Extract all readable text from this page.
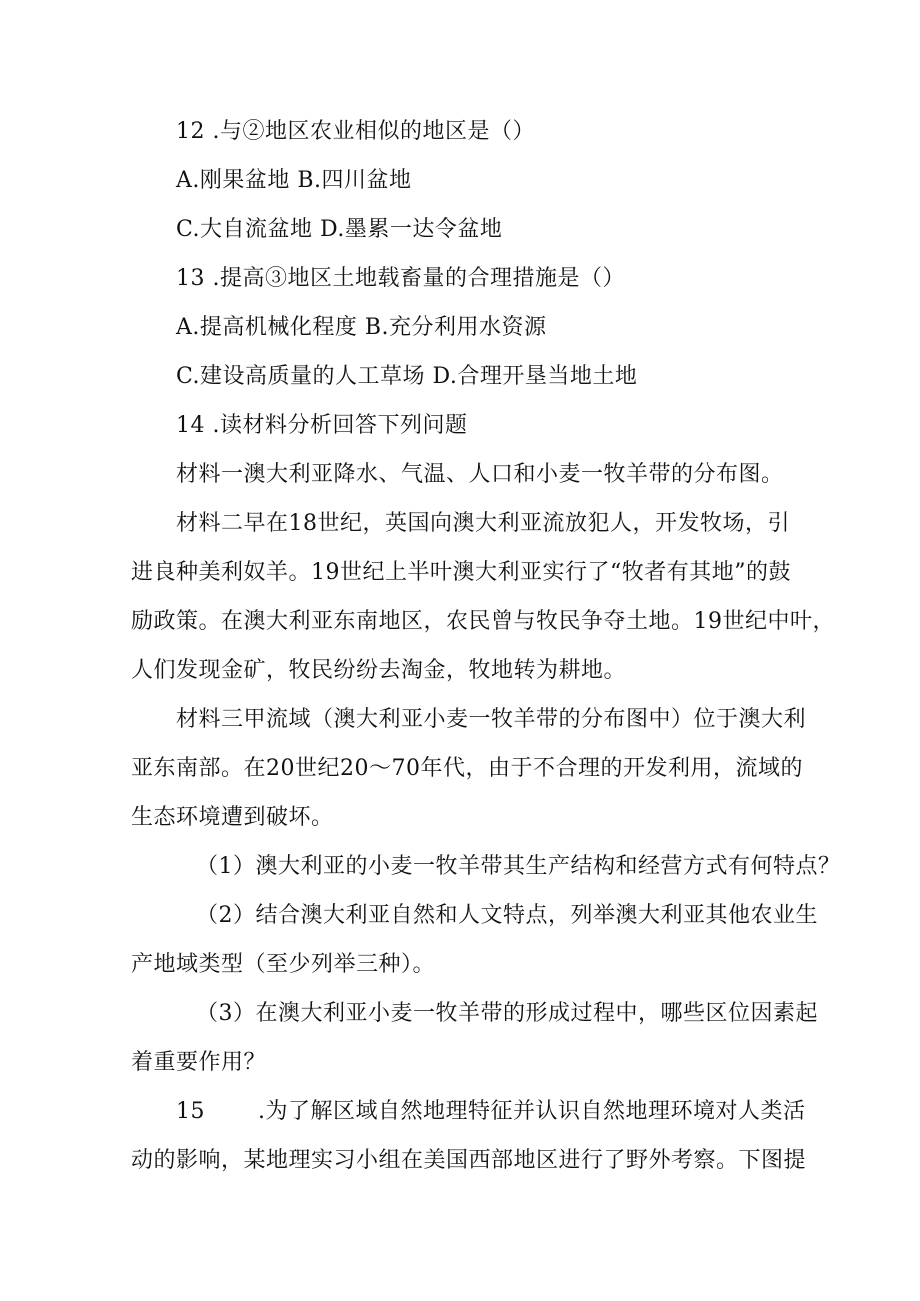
12 .与②地区农业相似的地区是（）
A.刚果盆地 B.四川盆地
C.大自流盆地 D.墨累一达令盆地
13 .提高③地区土地载畜量的合理措施是（）
A.提高机械化程度 B.充分利用水资源
C.建设高质量的人工草场 D.合理开垦当地土地
14 .读材料分析回答下列问题
材料一澳大利亚降水、气温、人口和小麦一牧羊带的分布图。
材料二早在18世纪，英国向澳大利亚流放犯人，开发牧场，引
进良种美利奴羊。19世纪上半叶澳大利亚实行了“牧者有其地”的鼓
励政策。在澳大利亚东南地区，农民曾与牧民争夺土地。19世纪中叶，
人们发现金矿，牧民纷纷去淘金，牧地转为耕地。
材料三甲流域（澳大利亚小麦一牧羊带的分布图中）位于澳大利
亚东南部。在20世纪20～70年代，由于不合理的开发利用，流域的
生态环境遭到破坏。
（1）澳大利亚的小麦一牧羊带其生产结构和经营方式有何特点？
（2）结合澳大利亚自然和人文特点，列举澳大利亚其他农业生
产地域类型（至少列举三种）。
（3）在澳大利亚小麦一牧羊带的形成过程中，哪些区位因素起
着重要作用？
15 .为了解区域自然地理特征并认识自然地理环境对人类活
动的影响，某地理实习小组在美国西部地区进行了野外考察。下图提
